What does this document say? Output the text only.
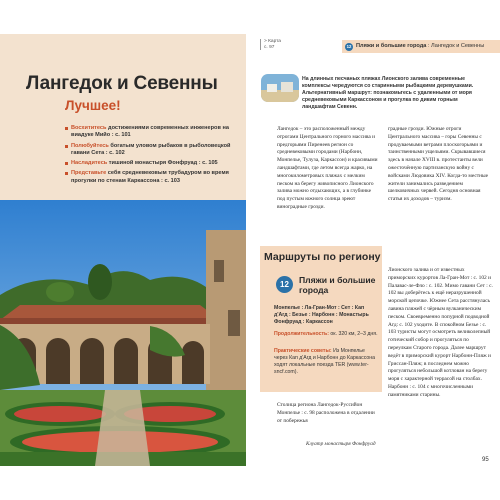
Лангедок и Севенны
Лучшее!
Восхититесь достижениями современных инженеров на виадуке Мийо : с. 101
Полюбуйтесь богатым уловом рыбаков в рыболовецкой гавани Сета : с. 102
Насладитесь тишиной монастыря Фонфруад : с. 105
Представьте себя средневековым трубадуром во время прогулки по стенам Каркассона : с. 103
> Карта с. 97	12 Пляжи и большие города : Лангедок и Севенны
На длинных песчаных пляжах Лионского залива современные комплексы чередуются со старинными рыбацкими деревушками. Альтернативный маршрут: познакомьтесь с удаленными от моря средневековыми Каркассоном и прогулка по диким горным ландшафтам Севенн.
Лангедок – это расположенный между отрогами Центрального горного массива и предгорьями Пиренеев регион со средневековыми городами (Нарбонн, Монпелье, Тулуза, Каркассон) и красивыми ландшафтами, где летом всегда жарко, на многокилометровых пляжах с мелким песком на берегу живописного Лионского залива можно отдыхающих, а в глубинке под пустым южного солнца зреют виноградные грозди.
градные грозди. Южные отроги Центрального массива – горы Севенны с продуваемыми ветрами плоскогорьями и таинственными ущельями. Скрывавшиеся здесь в начале XVIII в. протестанты вели ожесточённую партизанскую войну с войсками Людовика XIV. Когда-то местные жители занимались разведением шелковичных червей. Сегодня основная статья их доходов – туризм.
Маршруты по региону
12	Пляжи и большие города
Монпелье : Ла-Гран-Мот : Сет : Кап д'Агд : Безье : Нарбонн : Монастырь Фонфруад : Каркассон
Продолжительность: ок. 320 км, 2–3 дня.
Практические советы: Из Монпелье через Кап д'Агд и Нарбонн до Каркассона ходят локальные поезда TER (www.ter-sncf.com).
Столица региона Лангедок-Руссийон Монпелье : с. 98 расположена в отдалении от побережья
Лионского залива и от известных приморских курортов Ла-Гран-Мот : с. 102 и Палаваc-ле-Фло : с. 102. Мимо гавани Сет : с. 102 вы доберётесь к ещё неразрушенной морской цепочке. Южнее Сета расстянулась лавина пляжей с чёрным вулканическим песком. Своевременно попурной подводной Агд: с. 102 уходите. В спокойном Безье : с. 103 туристы могут осмотреть великолепный готический собор и прогуляться по переулкам Старого города. Далее маршрут ведёт в приморский курорт Нарбонн-Пляж и Гриссан-Пляж; в последнем можно прогуляться небольшой котлован на берегу моря с характерной террасой на столбах. Нарбонн : с. 104 с многочисленными памятниками старины.
Клуатр монастыря Фонфруад
95
